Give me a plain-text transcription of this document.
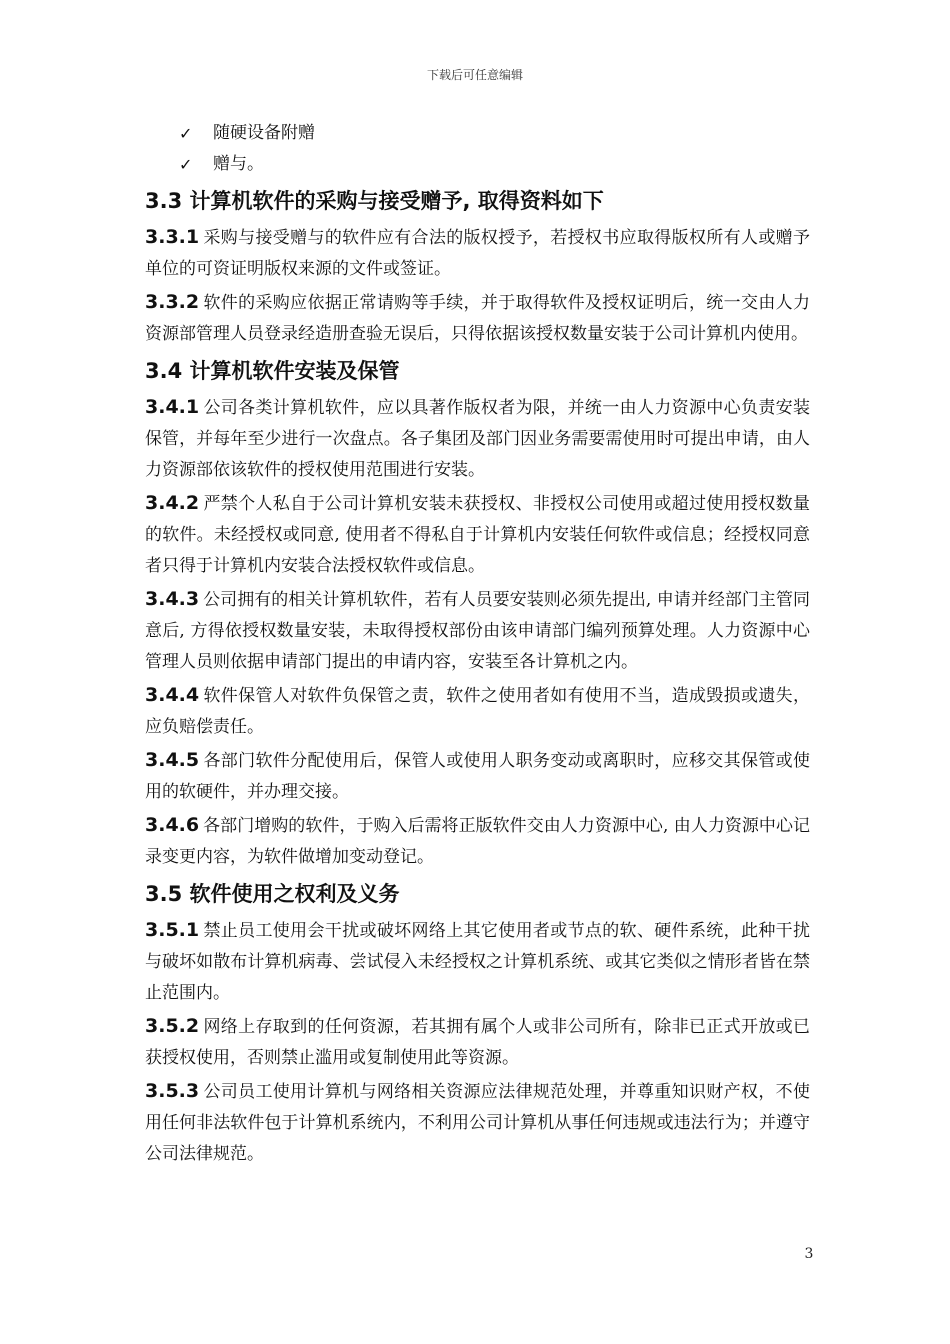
下载后可任意编辑
✓ 随硬设备附赠
✓ 赠与。
3.3 计算机软件的采购与接受赠予, 取得资料如下

3.3.1 采购与接受赠与的软件应有合法的版权授予，若授权书应取得版权所有人或赠予单位的可资证明版权来源的文件或签证。

3.3.2 软件的采购应依据正常请购等手续，并于取得软件及授权证明后，统一交由人力资源部管理人员登录经造册查验无误后，只得依据该授权数量安装于公司计算机内使用。

3.4 计算机软件安装及保管

3.4.1 公司各类计算机软件，应以具著作版权者为限，并统一由人力资源中心负责安装保管，并每年至少进行一次盘点。各子集团及部门因业务需要需使用时可提出申请，由人力资源部依该软件的授权使用范围进行安装。

3.4.2 严禁个人私自于公司计算机安装未获授权、非授权公司使用或超过使用授权数量的软件。未经授权或同意, 使用者不得私自于计算机内安装任何软件或信息；经授权同意者只得于计算机内安装合法授权软件或信息。

3.4.3 公司拥有的相关计算机软件，若有人员要安装则必须先提出, 申请并经部门主管同意后, 方得依授权数量安装，未取得授权部份由该申请部门编列预算处理。人力资源中心管理人员则依据申请部门提出的申请内容，安装至各计算机之内。

3.4.4 软件保管人对软件负保管之责，软件之使用者如有使用不当，造成毁损或遗失，应负赔偿责任。

3.4.5 各部门软件分配使用后，保管人或使用人职务变动或离职时，应移交其保管或使用的软硬件，并办理交接。

3.4.6 各部门增购的软件，于购入后需将正版软件交由人力资源中心, 由人力资源中心记录变更内容，为软件做增加变动登记。

3.5 软件使用之权利及义务

3.5.1 禁止员工使用会干扰或破坏网络上其它使用者或节点的软、硬件系统，此种干扰与破坏如散布计算机病毒、尝试侵入未经授权之计算机系统、或其它类似之情形者皆在禁止范围内。

3.5.2 网络上存取到的任何资源，若其拥有属个人或非公司所有，除非已正式开放或已获授权使用，否则禁止滥用或复制使用此等资源。

3.5.3 公司员工使用计算机与网络相关资源应法律规范处理，并尊重知识财产权，不使用任何非法软件包于计算机系统内，不利用公司计算机从事任何违规或违法行为；并遵守公司法律规范。

3
